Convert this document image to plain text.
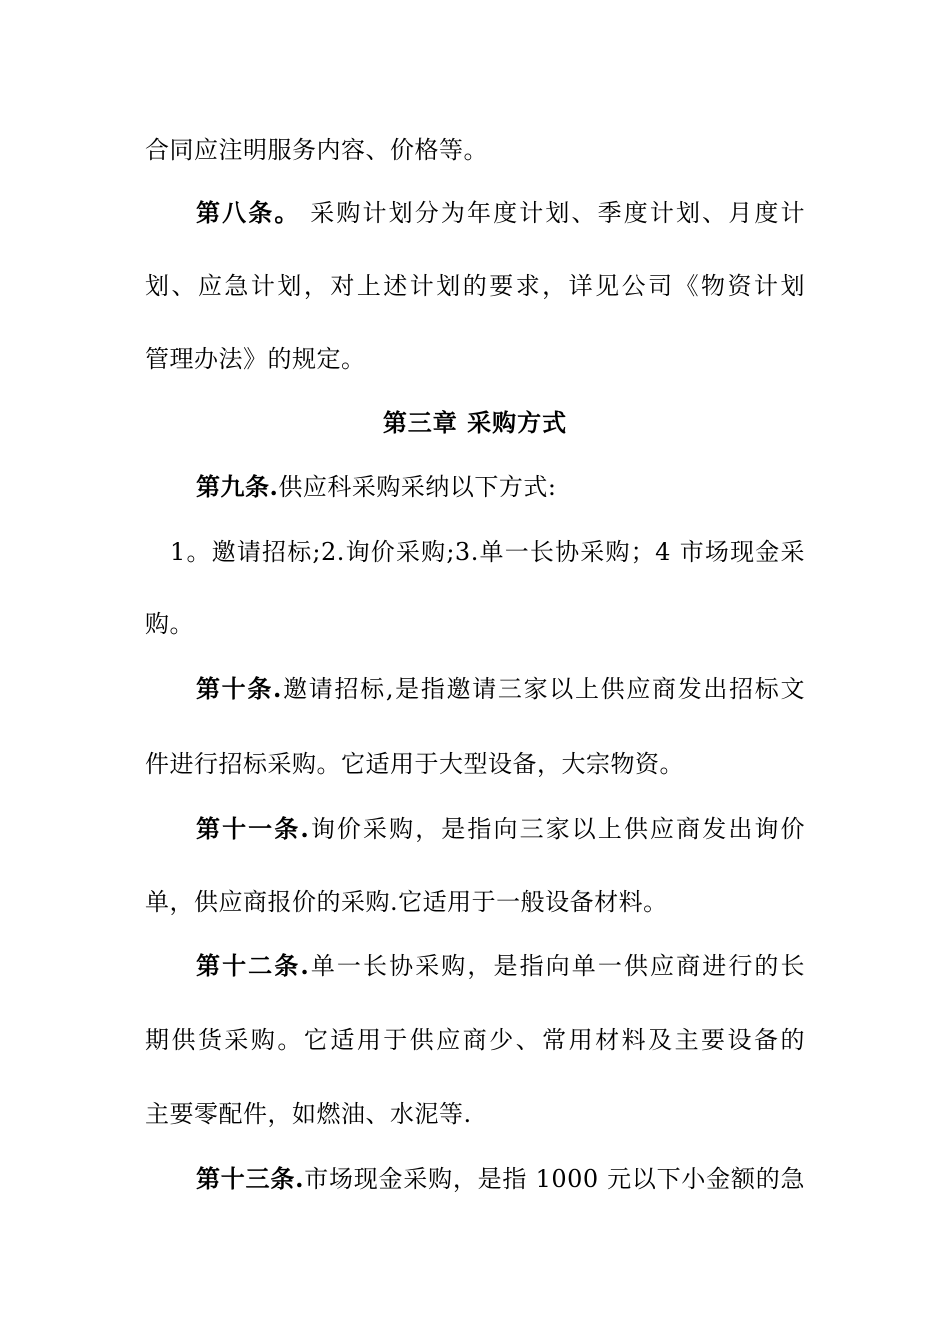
合同应注明服务内容、价格等。
第八条。 采购计划分为年度计划、季度计划、月度计
划、应急计划，对上述计划的要求，详见公司《物资计划
管理办法》的规定。
第三章 采购方式
第九条.供应科采购采纳以下方式:
1。邀请招标;2.询价采购;3.单一长协采购；4 市场现金采
购。
第十条.邀请招标,是指邀请三家以上供应商发出招标文
件进行招标采购。它适用于大型设备，大宗物资。
第十一条.询价采购，是指向三家以上供应商发出询价
单，供应商报价的采购.它适用于一般设备材料。
第十二条.单一长协采购，是指向单一供应商进行的长
期供货采购。它适用于供应商少、常用材料及主要设备的
主要零配件，如燃油、水泥等.
第十三条.市场现金采购，是指 1000 元以下小金额的急
